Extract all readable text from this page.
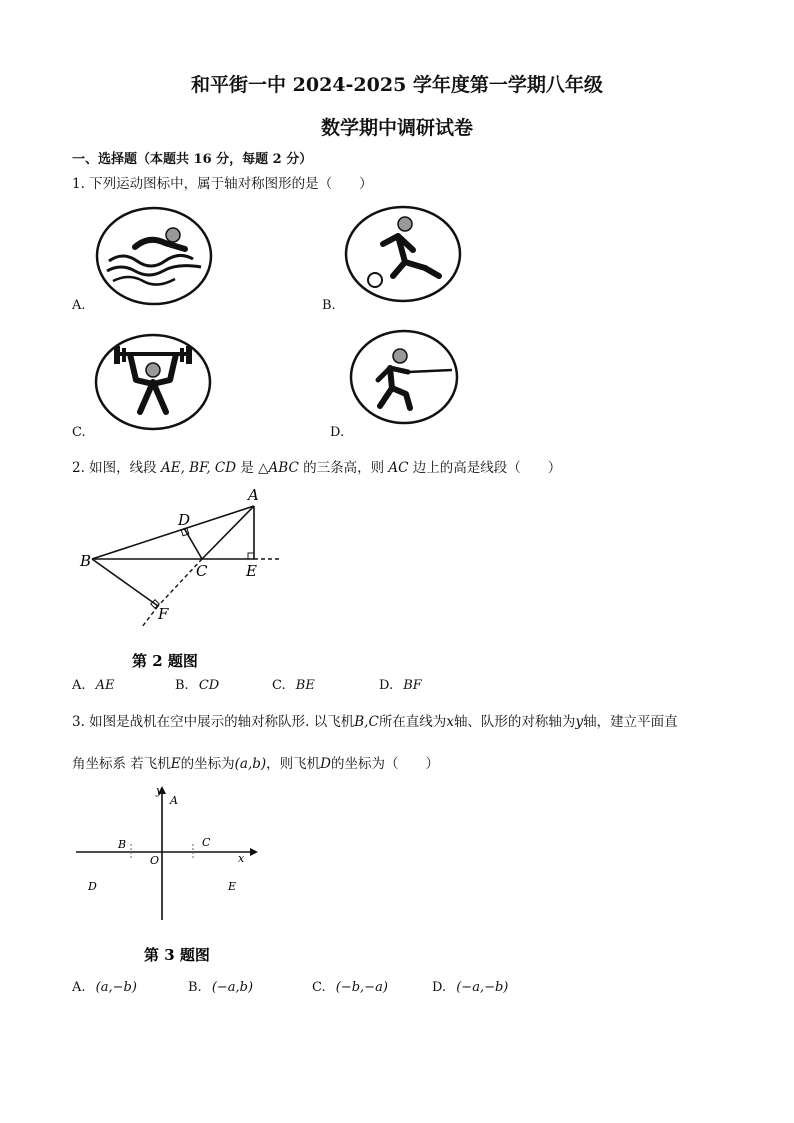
和平街一中 2024-2025 学年度第一学期八年级
数学期中调研试卷
一、选择题（本题共 16 分，每题 2 分）
1. 下列运动图标中，属于轴对称图形的是（　　）
A.	B.
C.	D.
2. 如图，线段 AE, BF, CD 是 △ABC 的三条高，则 AC 边上的高是线段（　　）
A
B
C
D
E
F
第 2 题图
A. AE	B. CD	C. BE	D. BF
3. 如图是战机在空中展示的轴对称队形. 以飞机B,C所在直线为x轴、队形的对称轴为y轴，建立平面直
角坐标系 若飞机E的坐标为(a,b)，则飞机D的坐标为（　　）
y
A
B	C
O	x
D	E
第 3 题图
A. (a,−b)	B. (−a,b)	C. (−b,−a)	D. (−a,−b)
